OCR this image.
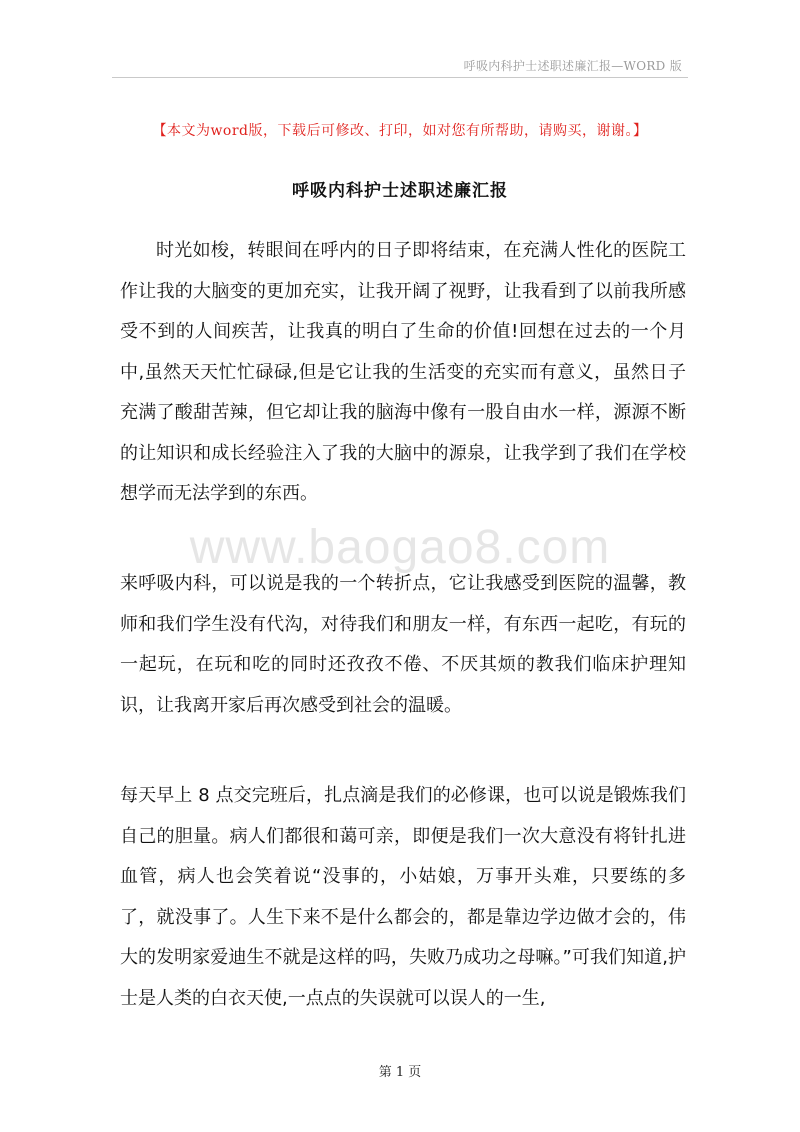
呼吸内科护士述职述廉汇报—WORD 版
【本文为word版，下载后可修改、打印，如对您有所帮助，请购买，谢谢。】
呼吸内科护士述职述廉汇报
www.baogao8.com
时光如梭，转眼间在呼内的日子即将结束，在充满人性化的医院工作让我的大脑变的更加充实，让我开阔了视野，让我看到了以前我所感受不到的人间疾苦，让我真的明白了生命的价值!回想在过去的一个月中,虽然天天忙忙碌碌,但是它让我的生活变的充实而有意义，虽然日子充满了酸甜苦辣，但它却让我的脑海中像有一股自由水一样，源源不断的让知识和成长经验注入了我的大脑中的源泉，让我学到了我们在学校想学而无法学到的东西。
来呼吸内科，可以说是我的一个转折点，它让我感受到医院的温馨，教师和我们学生没有代沟，对待我们和朋友一样，有东西一起吃，有玩的一起玩，在玩和吃的同时还孜孜不倦、不厌其烦的教我们临床护理知识，让我离开家后再次感受到社会的温暖。
每天早上 8 点交完班后，扎点滴是我们的必修课，也可以说是锻炼我们自己的胆量。病人们都很和蔼可亲，即便是我们一次大意没有将针扎进血管，病人也会笑着说“没事的，小姑娘，万事开头难，只要练的多了，就没事了。人生下来不是什么都会的，都是靠边学边做才会的，伟大的发明家爱迪生不就是这样的吗，失败乃成功之母嘛。”可我们知道,护士是人类的白衣天使,一点点的失误就可以误人的一生,
第 1 页
